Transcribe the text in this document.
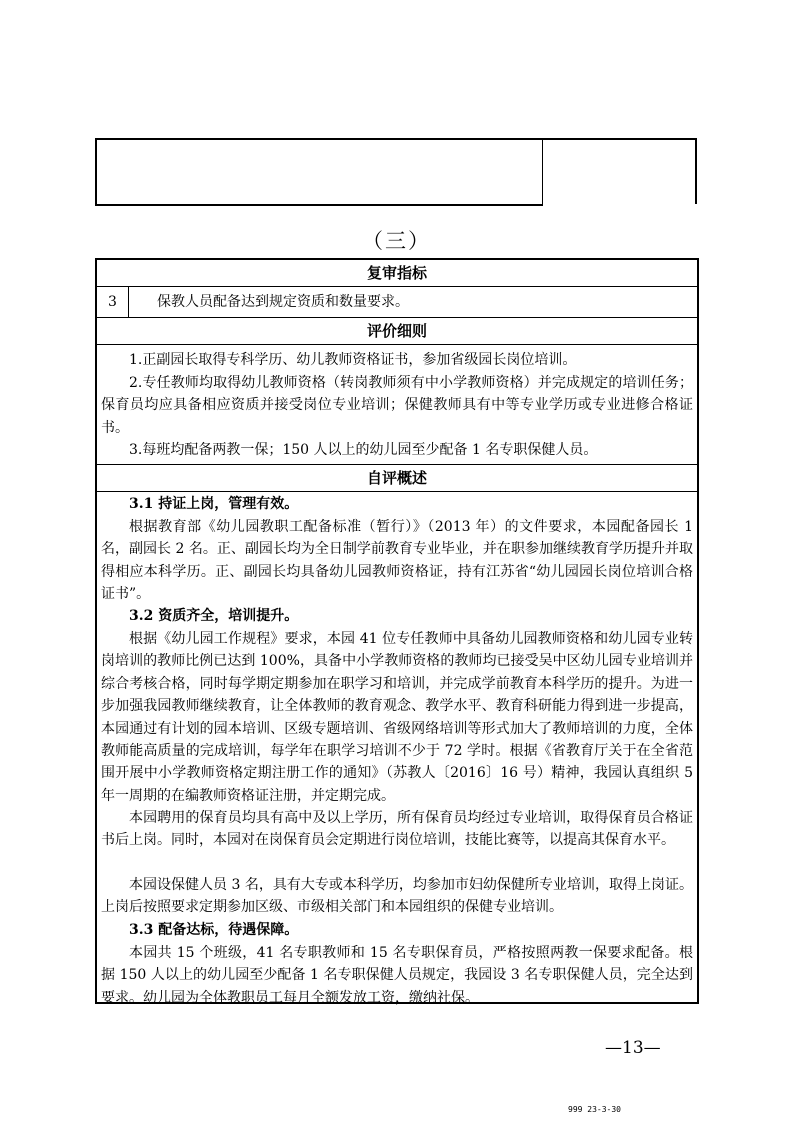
（三）
复审指标
3	保教人员配备达到规定资质和数量要求。
评价细则
1.正副园长取得专科学历、幼儿教师资格证书，参加省级园长岗位培训。
2.专任教师均取得幼儿教师资格（转岗教师须有中小学教师资格）并完成规定的培训任务；保育员均应具备相应资质并接受岗位专业培训；保健教师具有中等专业学历或专业进修合格证书。
3.每班均配备两教一保；150 人以上的幼儿园至少配备 1 名专职保健人员。
自评概述
3.1 持证上岗，管理有效。
根据教育部《幼儿园教职工配备标准（暂行）》（2013 年）的文件要求，本园配备园长 1 名，副园长 2 名。正、副园长均为全日制学前教育专业毕业，并在职参加继续教育学历提升并取得相应本科学历。正、副园长均具备幼儿园教师资格证，持有江苏省“幼儿园园长岗位培训合格证书”。
3.2 资质齐全，培训提升。
根据《幼儿园工作规程》要求，本园 41 位专任教师中具备幼儿园教师资格和幼儿园专业转岗培训的教师比例已达到 100%，具备中小学教师资格的教师均已接受吴中区幼儿园专业培训并综合考核合格，同时每学期定期参加在职学习和培训，并完成学前教育本科学历的提升。为进一步加强我园教师继续教育，让全体教师的教育观念、教学水平、教育科研能力得到进一步提高，本园通过有计划的园本培训、区级专题培训、省级网络培训等形式加大了教师培训的力度，全体教师能高质量的完成培训，每学年在职学习培训不少于 72 学时。根据《省教育厅关于在全省范围开展中小学教师资格定期注册工作的通知》（苏教人〔2016〕16 号）精神，我园认真组织 5 年一周期的在编教师资格证注册，并定期完成。
本园聘用的保育员均具有高中及以上学历，所有保育员均经过专业培训，取得保育员合格证书后上岗。同时，本园对在岗保育员会定期进行岗位培训，技能比赛等，以提高其保育水平。
本园设保健人员 3 名，具有大专或本科学历，均参加市妇幼保健所专业培训，取得上岗证。上岗后按照要求定期参加区级、市级相关部门和本园组织的保健专业培训。
3.3 配备达标，待遇保障。
本园共 15 个班级，41 名专职教师和 15 名专职保育员，严格按照两教一保要求配备。根据 150 人以上的幼儿园至少配备 1 名专职保健人员规定，我园设 3 名专职保健人员，完全达到要求。幼儿园为全体教职员工每月全额发放工资，缴纳社保。
—13—
999 23-3-30
